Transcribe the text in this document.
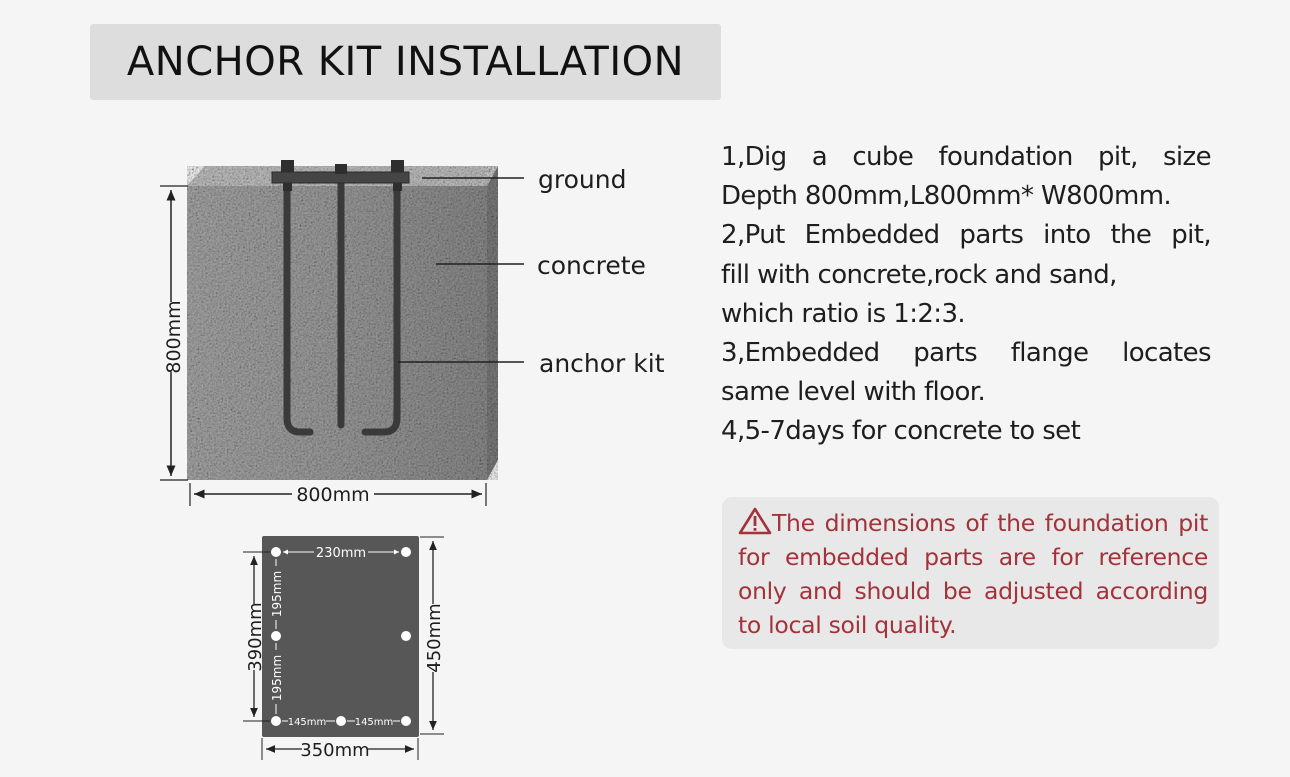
ANCHOR KIT INSTALLATION
ground
concrete
anchor kit
800mm
800mm
230mm
145mm	145mm
195mm
195mm
390mm	450mm
350mm

1,Dig a cube foundation pit, size

Depth 800mm,L800mm* W800mm.

2,Put Embedded parts into the pit,

fill with concrete,rock and sand,

which ratio is 1:2:3.

3,Embedded parts flange locates

same level with floor.

4,5-7days for concrete to set

The dimensions of the foundation pit
for embedded parts are for reference
only and should be adjusted according
to local soil quality.
